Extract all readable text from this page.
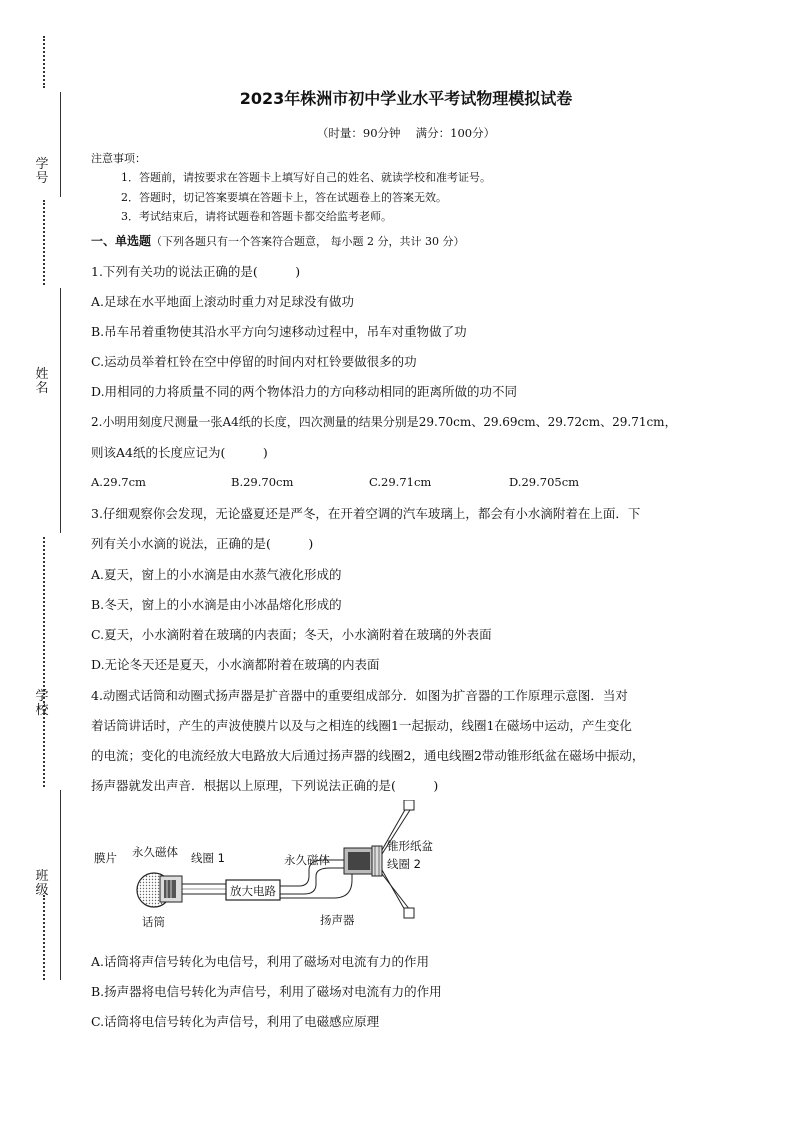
学号
姓名
学校
班级
2023年株洲市初中学业水平考试物理模拟试卷
（时量：90分钟　 满分：100分）
注意事项：
1．答题前，请按要求在答题卡上填写好自己的姓名、就读学校和准考证号。
2．答题时，切记答案要填在答题卡上，答在试题卷上的答案无效。
3．考试结束后，请将试题卷和答题卡都交给监考老师。
一、单选题（下列各题只有一个答案符合题意， 每小题 2 分，共计 30 分）
1.下列有关功的说法正确的是(　　　)
A.足球在水平地面上滚动时重力对足球没有做功
B.吊车吊着重物使其沿水平方向匀速移动过程中，吊车对重物做了功
C.运动员举着杠铃在空中停留的时间内对杠铃要做很多的功
D.用相同的力将质量不同的两个物体沿力的方向移动相同的距离所做的功不同
2.小明用刻度尺测量一张A4纸的长度，四次测量的结果分别是29.70cm、29.69cm、29.72cm、29.71cm，
则该A4纸的长度应记为(　　　)
A.29.7cm	B.29.70cm	C.29.71cm	D.29.705cm
3.仔细观察你会发现，无论盛夏还是严冬，在开着空调的汽车玻璃上，都会有小水滴附着在上面．下
列有关小水滴的说法，正确的是(　　　)
A.夏天，窗上的小水滴是由水蒸气液化形成的
B.冬天，窗上的小水滴是由小冰晶熔化形成的
C.夏天，小水滴附着在玻璃的内表面；冬天，小水滴附着在玻璃的外表面
D.无论冬天还是夏天，小水滴都附着在玻璃的内表面
4.动圈式话筒和动圈式扬声器是扩音器中的重要组成部分．如图为扩音器的工作原理示意图．当对
着话筒讲话时，产生的声波使膜片以及与之相连的线圈1一起振动，线圈1在磁场中运动，产生变化
的电流；变化的电流经放大电路放大后通过扬声器的线圈2，通电线圈2带动锥形纸盆在磁场中振动，
扬声器就发出声音．根据以上原理，下列说法正确的是(　　　)
放大电路
膜片 永久磁体 线圈 1
话筒
永久磁体
锥形纸盆
线圈 2
扬声器
A.话筒将声信号转化为电信号，利用了磁场对电流有力的作用
B.扬声器将电信号转化为声信号，利用了磁场对电流有力的作用
C.话筒将电信号转化为声信号，利用了电磁感应原理
